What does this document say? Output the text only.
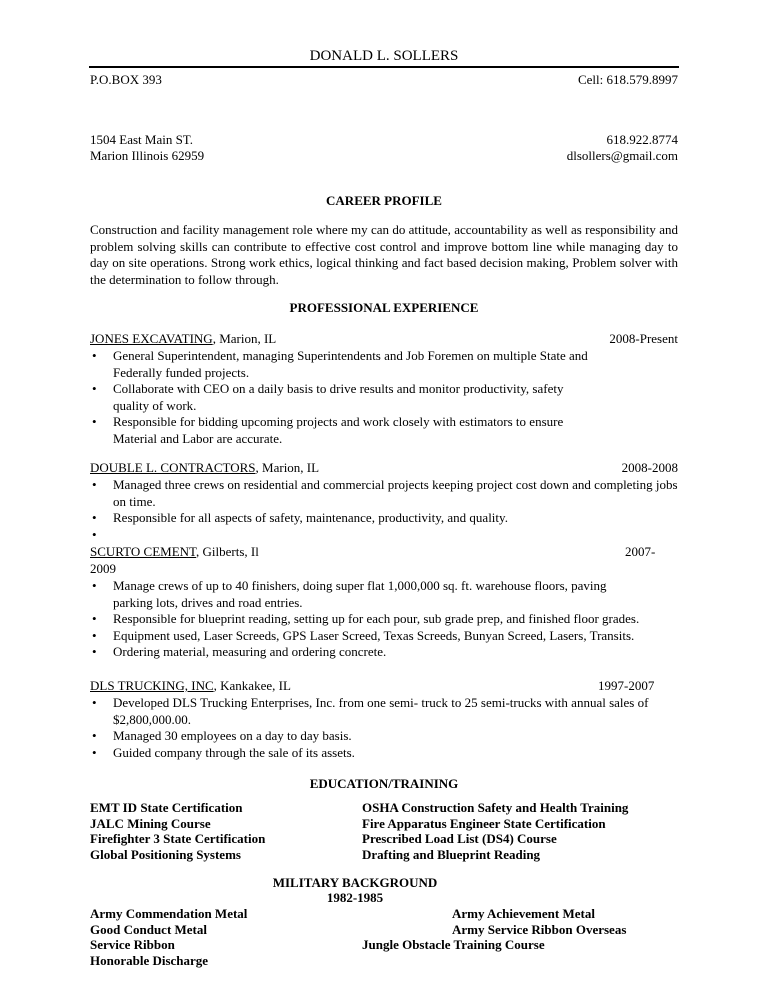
DONALD L. SOLLERS
P.O.BOX 393	Cell: 618.579.8997
1504 East Main ST.	618.922.8774
Marion Illinois 62959	dlsollers@gmail.com
CAREER PROFILE
Construction and facility management role where my can do attitude, accountability as well as responsibility and problem solving skills can contribute to effective cost control and improve bottom line while managing day to day on site operations. Strong work ethics, logical thinking and fact based decision making, Problem solver with the determination to follow through.
PROFESSIONAL EXPERIENCE
JONES EXCAVATING, Marion, IL	2008-Present
• General Superintendent, managing Superintendents and Job Foremen on multiple State and Federally funded projects.
• Collaborate with CEO on a daily basis to drive results and monitor productivity, safety quality of work.
• Responsible for bidding upcoming projects and work closely with estimators to ensure Material and Labor are accurate.
DOUBLE L. CONTRACTORS, Marion, IL	2008-2008
• Managed three crews on residential and commercial projects keeping project cost down and completing jobs on time.
• Responsible for all aspects of safety, maintenance, productivity, and quality.
•
SCURTO CEMENT, Gilberts, Il	2007-
2009
• Manage crews of up to 40 finishers, doing super flat 1,000,000 sq. ft. warehouse floors, paving parking lots, drives and road entries.
• Responsible for blueprint reading, setting up for each pour, sub grade prep, and finished floor grades.
• Equipment used, Laser Screeds, GPS Laser Screed, Texas Screeds, Bunyan Screed, Lasers, Transits.
• Ordering material, measuring and ordering concrete.
DLS TRUCKING, INC, Kankakee, IL	1997-2007
• Developed DLS Trucking Enterprises, Inc. from one semi- truck to 25 semi-trucks with annual sales of $2,800,000.00.
• Managed 30 employees on a day to day basis.
• Guided company through the sale of its assets.
EDUCATION/TRAINING
EMT ID State Certification	OSHA Construction Safety and Health Training
JALC Mining Course	Fire Apparatus Engineer State Certification
Firefighter 3 State Certification	Prescribed Load List (DS4) Course
Global Positioning Systems	Drafting and Blueprint Reading
MILITARY BACKGROUND
1982-1985
Army Commendation Metal	Army Achievement Metal
Good Conduct Metal	Army Service Ribbon Overseas
Service Ribbon	Jungle Obstacle Training Course
Honorable Discharge
